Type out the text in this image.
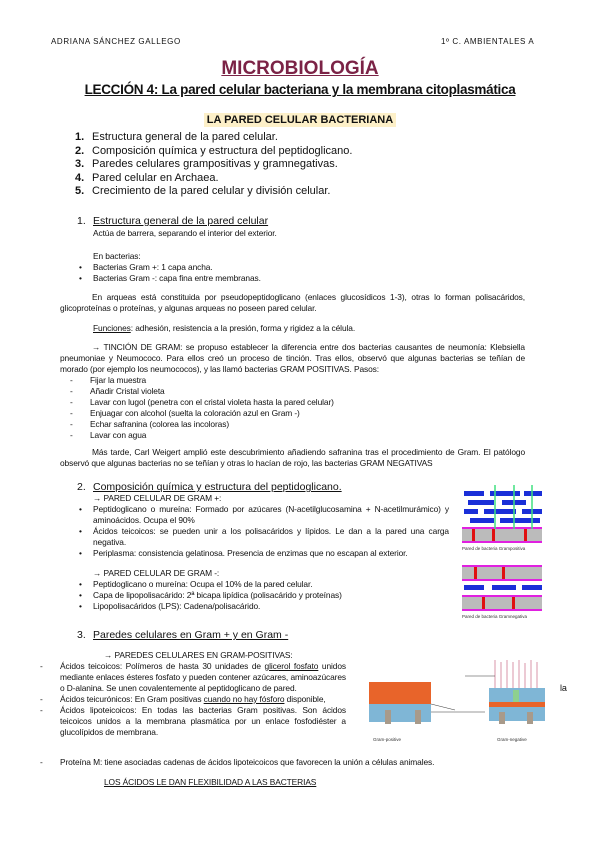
ADRIANA SÁNCHEZ GALLEGO	1º C. AMBIENTALES A
MICROBIOLOGÍA
LECCIÓN 4: La pared celular bacteriana y la membrana citoplasmática
LA PARED CELULAR BACTERIANA
1. Estructura general de la pared celular.
2. Composición química y estructura del peptidoglicano.
3. Paredes celulares grampositivas y gramnegativas.
4. Pared celular en Archaea.
5. Crecimiento de la pared celular y división celular.
1. Estructura general de la pared celular
Actúa de barrera, separando el interior del exterior.
En bacterias:
• Bacterias Gram +: 1 capa ancha.
• Bacterias Gram -: capa fina entre membranas.
En arqueas está constituida por pseudopeptidoglicano (enlaces glucosídicos 1-3), otras lo forman polisacáridos, glicoproteínas o proteínas, y algunas arqueas no poseen pared celular.
Funciones: adhesión, resistencia a la presión, forma y rigidez a la célula.
→ TINCIÓN DE GRAM: se propuso establecer la diferencia entre dos bacterias causantes de neumonía: Klebsiella pneumoniae y Neumococo. Para ellos creó un proceso de tinción. Tras ellos, observó que algunas bacterias se teñían de morado (por ejemplo los neumococos), y las llamó bacterias GRAM POSITIVAS. Pasos:
- Fijar la muestra
- Añadir Cristal violeta
- Lavar con lugol (penetra con el cristal violeta hasta la pared celular)
- Enjuagar con alcohol (suelta la coloración azul en Gram -)
- Echar safranina (colorea las incoloras)
- Lavar con agua
Más tarde, Carl Weigert amplió este descubrimiento añadiendo safranina tras el procedimiento de Gram. El patólogo observó que algunas bacterias no se teñían y otras lo hacían de rojo, las bacterias GRAM NEGATIVAS
2. Composición química y estructura del peptidoglicano.
→ PARED CELULAR DE GRAM +:
• Peptidoglicano o mureína: Formado por azúcares (N-acetilglucosamina + N-acetilmurámico) y aminoácidos. Ocupa el 90%
• Ácidos teicoicos: se pueden unir a los polisacáridos y lípidos. Le dan a la pared una carga negativa.
• Periplasma: consistencia gelatinosa. Presencia de enzimas que no escapan al exterior.
→ PARED CELULAR DE GRAM -:
• Peptidoglicano o mureína: Ocupa el 10% de la pared celular.
• Capa de lipopolisacárido: 2ª bicapa lipídica (polisacárido y proteínas)
• Lipopolisacáridos (LPS): Cadena/polisacárido.
Pared de bacteria Grampositiva
Pared de bacteria Gramnegativa
3. Paredes celulares en Gram + y en Gram -
→ PAREDES CELULARES EN GRAM-POSITIVAS:
- Ácidos teicoicos: Polímeros de hasta 30 unidades de glicerol fosfato unidos mediante enlaces ésteres fosfato y pueden contener azúcares, aminoazúcares o D-alanina. Se unen covalentemente al peptidoglicano de pared.
- Ácidos teicurónicos: En Gram positivas cuando no hay fósforo disponible,
- Ácidos lipoteicoicos: En todas las bacterias Gram positivas. Son ácidos teicoicos unidos a la membrana plasmática por un enlace fosfodiéster a glucolípidos de membrana.
- Proteína M: tiene asociadas cadenas de ácidos lipoteicoicos que favorecen la unión a células animales.
la
Gram-positive	Gram-negative
LOS ÁCIDOS LE DAN FLEXIBILIDAD A LAS BACTERIAS
